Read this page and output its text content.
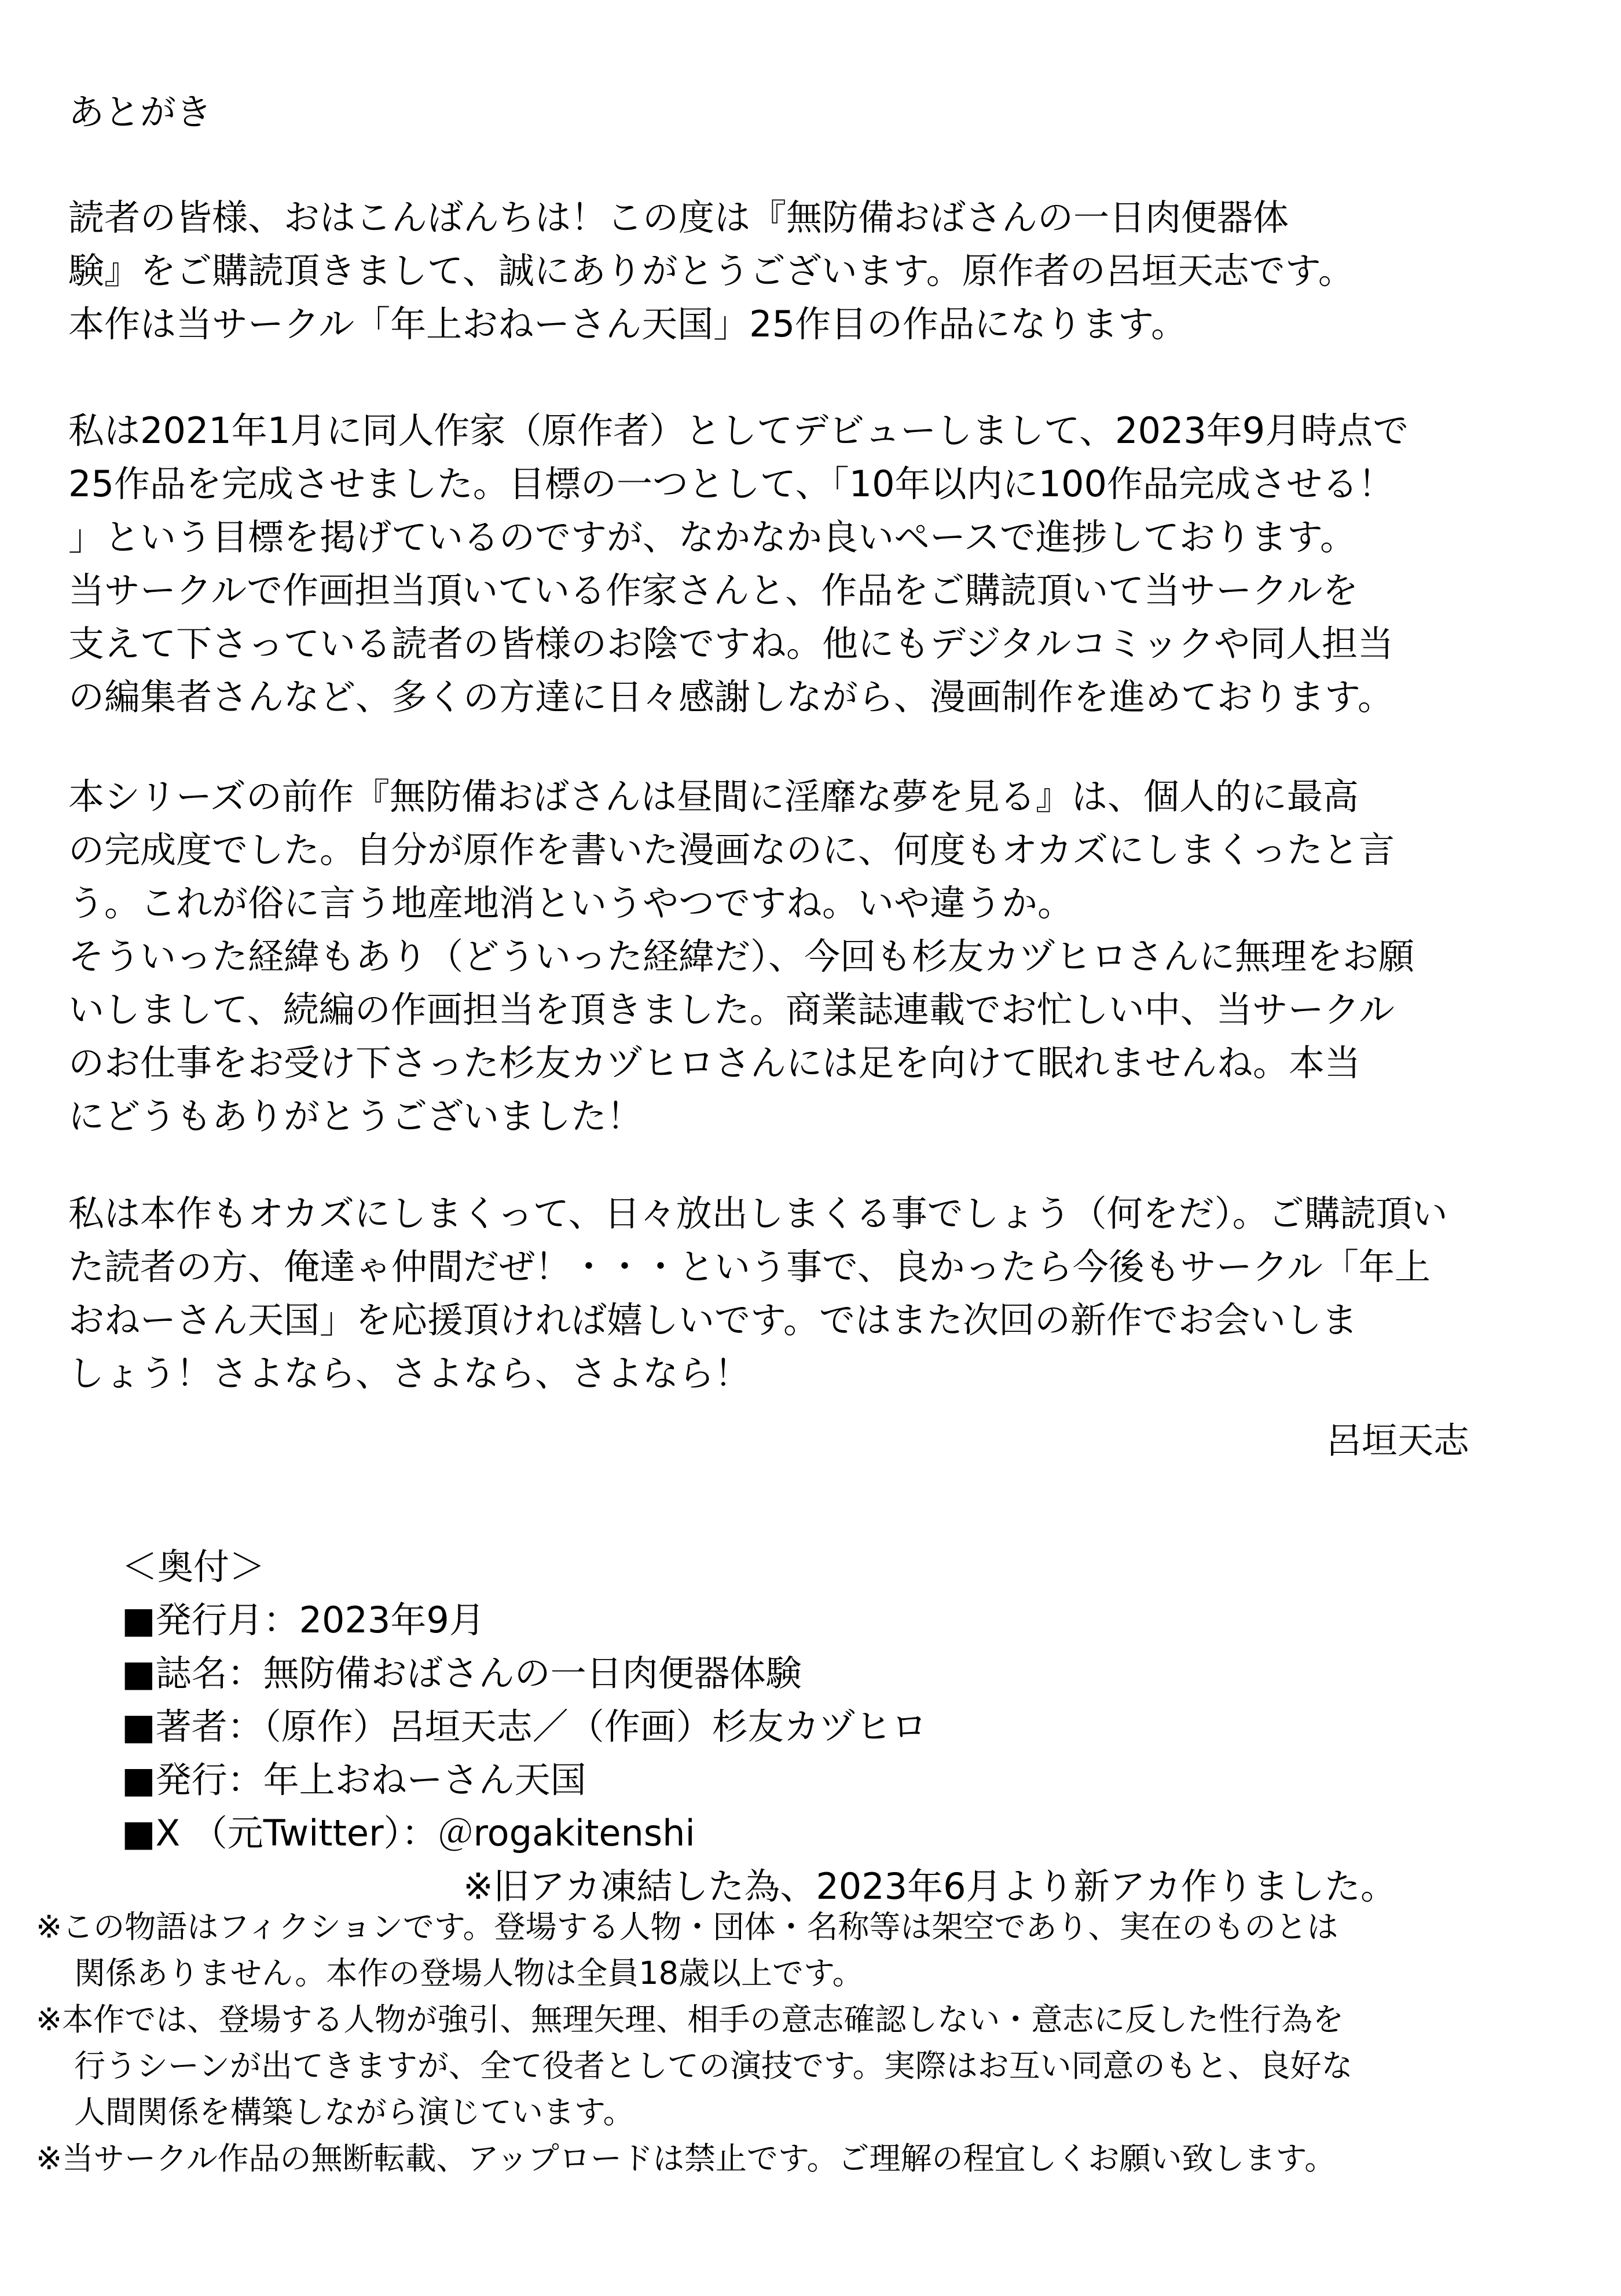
あとがき
読者の皆様、おはこんばんちは！この度は『無防備おばさんの一日肉便器体
験』をご購読頂きまして、誠にありがとうございます。原作者の呂垣天志です。
本作は当サークル「年上おねーさん天国」25作目の作品になります。
私は2021年1月に同人作家（原作者）としてデビューしまして、2023年9月時点で
25作品を完成させました。目標の一つとして、「10年以内に100作品完成させる！
」という目標を掲げているのですが、なかなか良いペースで進捗しております。
当サークルで作画担当頂いている作家さんと、作品をご購読頂いて当サークルを
支えて下さっている読者の皆様のお陰ですね。他にもデジタルコミックや同人担当
の編集者さんなど、多くの方達に日々感謝しながら、漫画制作を進めております。
本シリーズの前作『無防備おばさんは昼間に淫靡な夢を見る』は、個人的に最高
の完成度でした。自分が原作を書いた漫画なのに、何度もオカズにしまくったと言
う。これが俗に言う地産地消というやつですね。いや違うか。
そういった経緯もあり（どういった経緯だ）、今回も杉友カヅヒロさんに無理をお願
いしまして、続編の作画担当を頂きました。商業誌連載でお忙しい中、当サークル
のお仕事をお受け下さった杉友カヅヒロさんには足を向けて眠れませんね。本当
にどうもありがとうございました！
私は本作もオカズにしまくって、日々放出しまくる事でしょう（何をだ）。ご購読頂い
た読者の方、俺達ゃ仲間だぜ！・・・という事で、良かったら今後もサークル「年上
おねーさん天国」を応援頂ければ嬉しいです。ではまた次回の新作でお会いしま
しょう！さよなら、さよなら、さよなら！
呂垣天志
＜奥付＞
■発行月：2023年9月
■誌名：無防備おばさんの一日肉便器体験
■著者：（原作）呂垣天志／（作画）杉友カヅヒロ
■発行：年上おねーさん天国
■X （元Twitter）：＠rogakitenshi
※旧アカ凍結した為、2023年6月より新アカ作りました。
※この物語はフィクションです。登場する人物・団体・名称等は架空であり、実在のものとは
関係ありません。本作の登場人物は全員18歳以上です。
※本作では、登場する人物が強引、無理矢理、相手の意志確認しない・意志に反した性行為を
行うシーンが出てきますが、全て役者としての演技です。実際はお互い同意のもと、良好な
人間関係を構築しながら演じています。
※当サークル作品の無断転載、アップロードは禁止です。ご理解の程宜しくお願い致します。
